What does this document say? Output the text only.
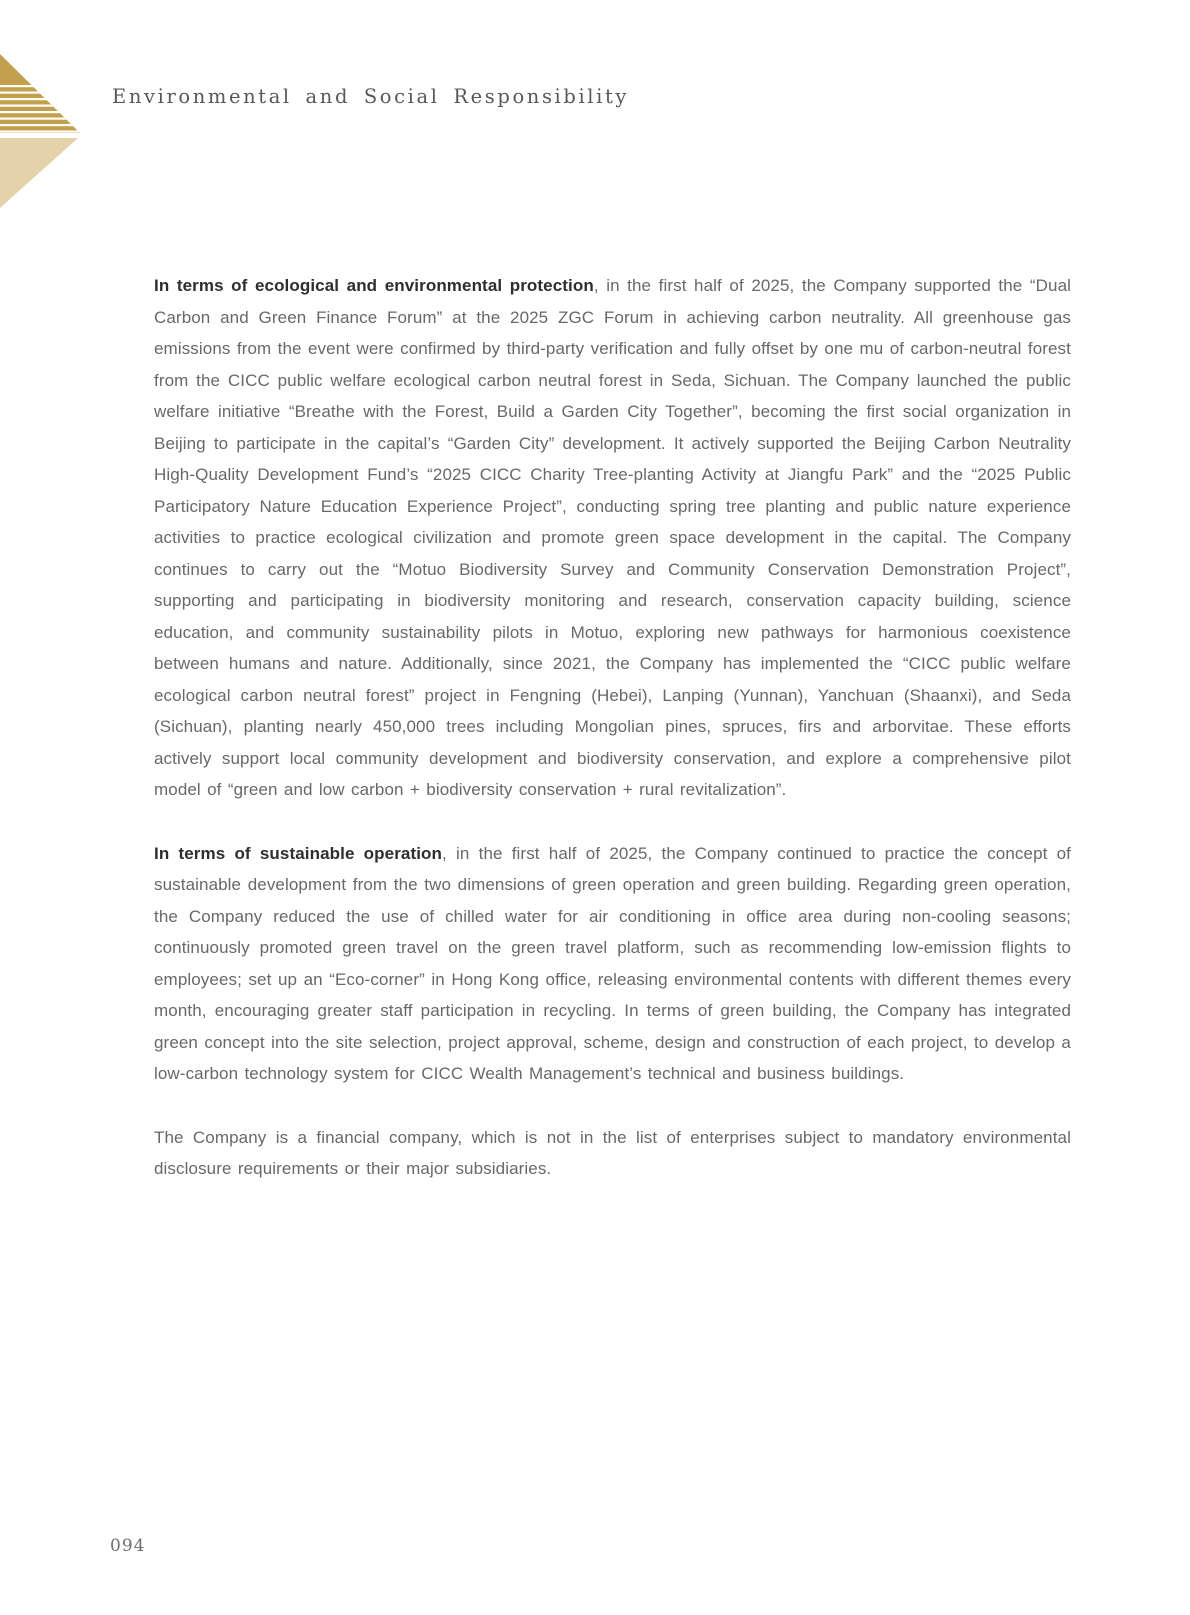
Environmental and Social Responsibility

In terms of ecological and environmental protection, in the first half of 2025, the Company supported the “Dual Carbon and Green Finance Forum” at the 2025 ZGC Forum in achieving carbon neutrality. All greenhouse gas emissions from the event were confirmed by third-party verification and fully offset by one mu of carbon-neutral forest from the CICC public welfare ecological carbon neutral forest in Seda, Sichuan. The Company launched the public welfare initiative “Breathe with the Forest, Build a Garden City Together”, becoming the first social organization in Beijing to participate in the capital’s “Garden City” development. It actively supported the Beijing Carbon Neutrality High-Quality Development Fund’s “2025 CICC Charity Tree-planting Activity at Jiangfu Park” and the “2025 Public Participatory Nature Education Experience Project”, conducting spring tree planting and public nature experience activities to practice ecological civilization and promote green space development in the capital. The Company continues to carry out the “Motuo Biodiversity Survey and Community Conservation Demonstration Project”, supporting and participating in biodiversity monitoring and research, conservation capacity building, science education, and community sustainability pilots in Motuo, exploring new pathways for harmonious coexistence between humans and nature. Additionally, since 2021, the Company has implemented the “CICC public welfare ecological carbon neutral forest” project in Fengning (Hebei), Lanping (Yunnan), Yanchuan (Shaanxi), and Seda (Sichuan), planting nearly 450,000 trees including Mongolian pines, spruces, firs and arborvitae. These efforts actively support local community development and biodiversity conservation, and explore a comprehensive pilot model of “green and low carbon + biodiversity conservation + rural revitalization”.

In terms of sustainable operation, in the first half of 2025, the Company continued to practice the concept of sustainable development from the two dimensions of green operation and green building. Regarding green operation, the Company reduced the use of chilled water for air conditioning in office area during non-cooling seasons; continuously promoted green travel on the green travel platform, such as recommending low-emission flights to employees; set up an “Eco-corner” in Hong Kong office, releasing environmental contents with different themes every month, encouraging greater staff participation in recycling. In terms of green building, the Company has integrated green concept into the site selection, project approval, scheme, design and construction of each project, to develop a low-carbon technology system for CICC Wealth Management’s technical and business buildings.

The Company is a financial company, which is not in the list of enterprises subject to mandatory environmental disclosure requirements or their major subsidiaries.

094
